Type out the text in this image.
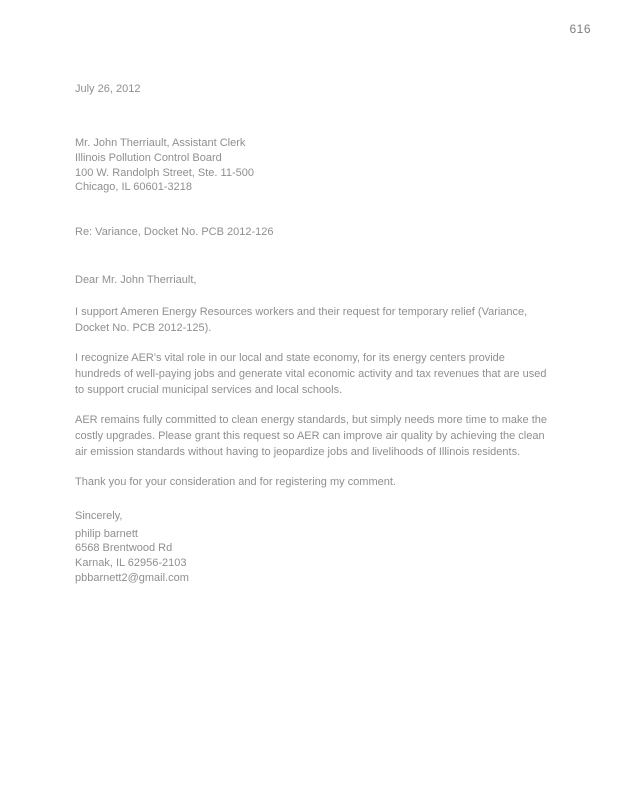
616
July 26, 2012
Mr. John Therriault, Assistant Clerk
Illinois Pollution Control Board
100 W. Randolph Street, Ste. 11-500
Chicago, IL 60601-3218
Re: Variance, Docket No. PCB 2012-126
Dear Mr. John Therriault,

I support Ameren Energy Resources workers and their request for temporary relief (Variance, Docket No. PCB 2012-125).

I recognize AER's vital role in our local and state economy, for its energy centers provide hundreds of well-paying jobs and generate vital economic activity and tax revenues that are used to support crucial municipal services and local schools.

AER remains fully committed to clean energy standards, but simply needs more time to make the costly upgrades. Please grant this request so AER can improve air quality by achieving the clean air emission standards without having to jeopardize jobs and livelihoods of Illinois residents.

Thank you for your consideration and for registering my comment.

Sincerely,
philip barnett
6568 Brentwood Rd
Karnak, IL 62956-2103
pbbarnett2@gmail.com
